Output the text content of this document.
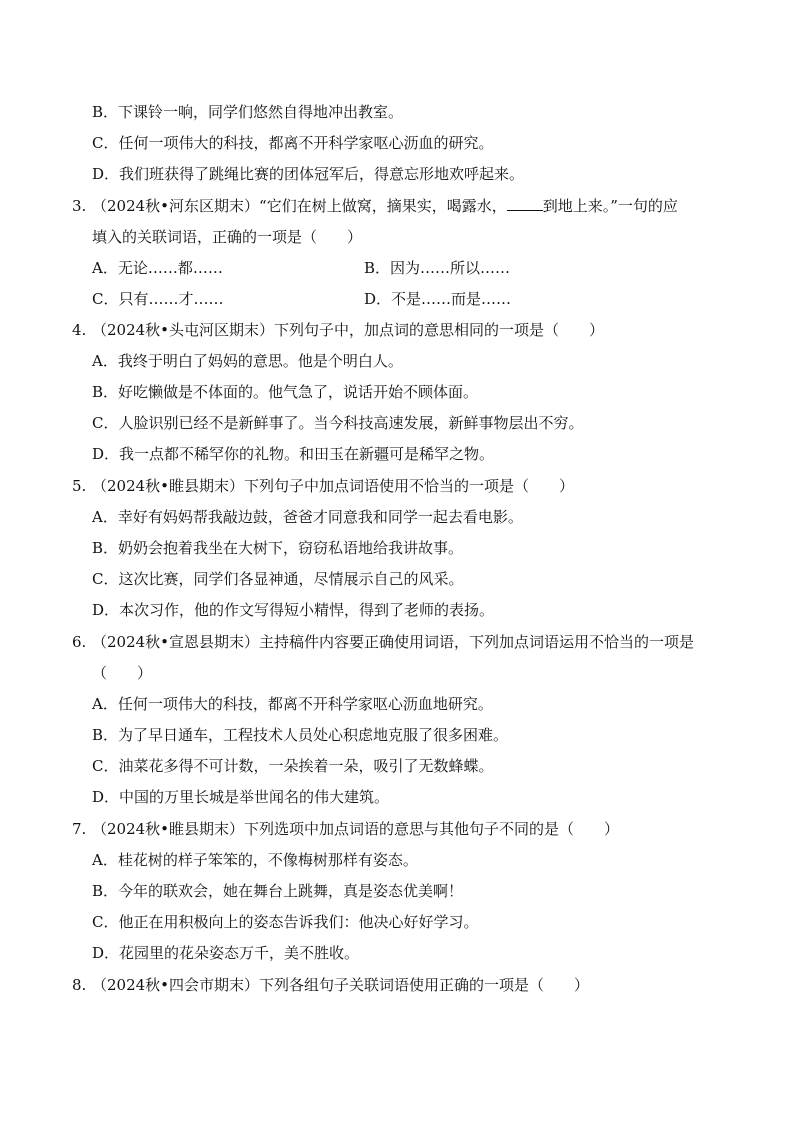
B．下课铃一响，同学们悠然自得地冲出教室。
C．任何一项伟大的科技，都离不开科学家呕心沥血的研究。
D．我们班获得了跳绳比赛的团体冠军后，得意忘形地欢呼起来。
3. （2024秋•河东区期末）“它们在树上做窝，摘果实，喝露水， 到地上来。”一句的应
填入的关联词语，正确的一项是（　　）
A．无论……都……	B．因为……所以……
C．只有……才……	D．不是……而是……
4. （2024秋•头屯河区期末）下列句子中，加点词的意思相同的一项是（　　）
A．我终于明白了妈妈的意思。他是个明白人。
B．好吃懒做是不体面的。他气急了，说话开始不顾体面。
C．人脸识别已经不是新鲜事了。当今科技高速发展，新鲜事物层出不穷。
D．我一点都不稀罕你的礼物。和田玉在新疆可是稀罕之物。
5. （2024秋•睢县期末）下列句子中加点词语使用不恰当的一项是（　　）
A．幸好有妈妈帮我敲边鼓，爸爸才同意我和同学一起去看电影。
B．奶奶会抱着我坐在大树下，窃窃私语地给我讲故事。
C．这次比赛，同学们各显神通，尽情展示自己的风采。
D．本次习作，他的作文写得短小精悍，得到了老师的表扬。
6. （2024秋•宣恩县期末）主持稿件内容要正确使用词语，下列加点词语运用不恰当的一项是
（　　）
A．任何一项伟大的科技，都离不开科学家呕心沥血地研究。
B．为了早日通车，工程技术人员处心积虑地克服了很多困难。
C．油菜花多得不可计数，一朵挨着一朵，吸引了无数蜂蝶。
D．中国的万里长城是举世闻名的伟大建筑。
7. （2024秋•睢县期末）下列选项中加点词语的意思与其他句子不同的是（　　）
A．桂花树的样子笨笨的，不像梅树那样有姿态。
B．今年的联欢会，她在舞台上跳舞，真是姿态优美啊！
C．他正在用积极向上的姿态告诉我们：他决心好好学习。
D．花园里的花朵姿态万千，美不胜收。
8. （2024秋•四会市期末）下列各组句子关联词语使用正确的一项是（　　）
